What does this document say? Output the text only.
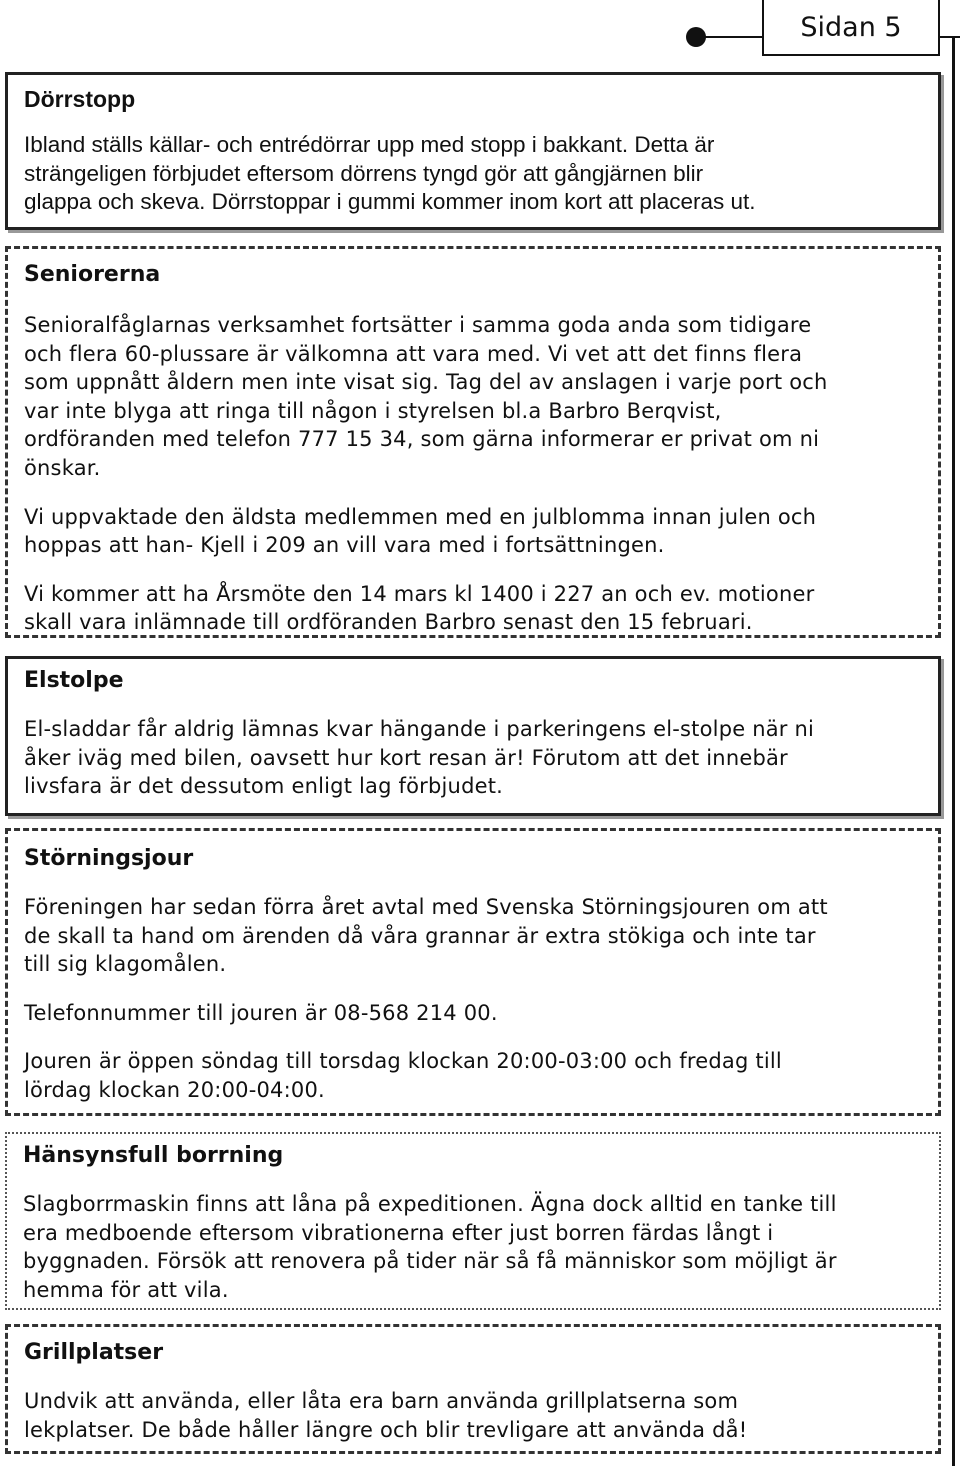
Sidan 5
Dörrstopp

Ibland ställs källar- och entrédörrar upp med stopp i bakkant. Detta är
strängeligen förbjudet eftersom dörrens tyngd gör att gångjärnen blir
glappa och skeva. Dörrstoppar i gummi kommer inom kort att placeras ut.

Seniorerna

Senioralfåglarnas verksamhet fortsätter i samma goda anda som tidigare
och flera 60-plussare är välkomna att vara med. Vi vet att det finns flera
som uppnått åldern men inte visat sig. Tag del av anslagen i varje port och
var inte blyga att ringa till någon i styrelsen bl.a Barbro Berqvist,
ordföranden med telefon 777 15 34, som gärna informerar er privat om ni
önskar.

Vi uppvaktade den äldsta medlemmen med en julblomma innan julen och
hoppas att han- Kjell i 209 an vill vara med i fortsättningen.

Vi kommer att ha Årsmöte den 14 mars kl 1400 i 227 an och ev. motioner
skall vara inlämnade till ordföranden Barbro senast den 15 februari.

Elstolpe

El-sladdar får aldrig lämnas kvar hängande i parkeringens el-stolpe när ni
åker iväg med bilen, oavsett hur kort resan är! Förutom att det innebär
livsfara är det dessutom enligt lag förbjudet.

Störningsjour

Föreningen har sedan förra året avtal med Svenska Störningsjouren om att
de skall ta hand om ärenden då våra grannar är extra stökiga och inte tar
till sig klagomålen.

Telefonnummer till jouren är 08-568 214 00.

Jouren är öppen söndag till torsdag klockan 20:00-03:00 och fredag till
lördag klockan 20:00-04:00.

Hänsynsfull borrning

Slagborrmaskin finns att låna på expeditionen. Ägna dock alltid en tanke till
era medboende eftersom vibrationerna efter just borren färdas långt i
byggnaden. Försök att renovera på tider när så få människor som möjligt är
hemma för att vila.

Grillplatser

Undvik att använda, eller låta era barn använda grillplatserna som
lekplatser. De både håller längre och blir trevligare att använda då!
